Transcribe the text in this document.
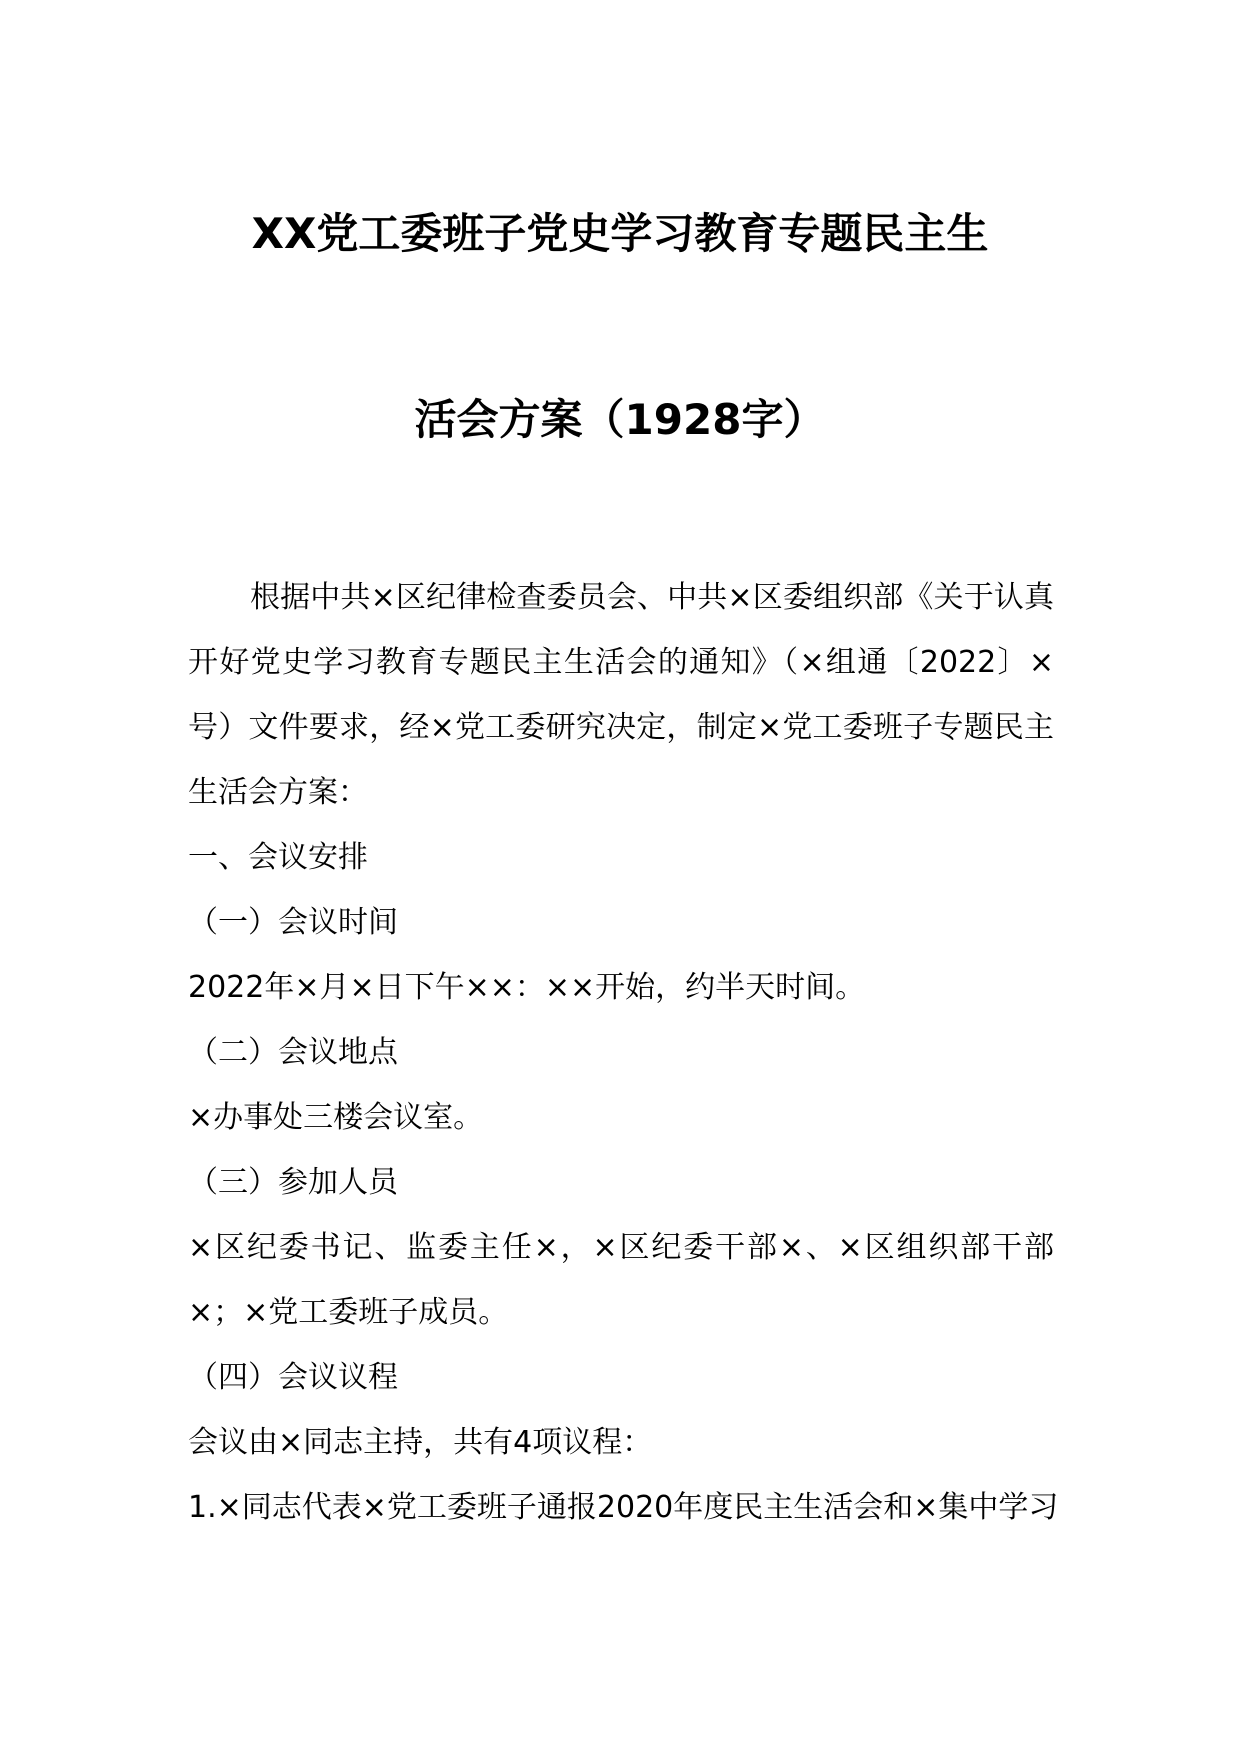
XX党工委班子党史学习教育专题民主生
活会方案（1928字）

根据中共×区纪律检查委员会、中共×区委组织部《关于认真开好党史学习教育专题民主生活会的通知》（×组通〔2022〕×号）文件要求，经×党工委研究决定，制定×党工委班子专题民主生活会方案：

一、会议安排

（一）会议时间

2022年×月×日下午××：××开始，约半天时间。

（二）会议地点

×办事处三楼会议室。

（三）参加人员

×区纪委书记、监委主任×，×区纪委干部×、×区组织部干部×；×党工委班子成员。

（四）会议议程

会议由×同志主持，共有4项议程：

1.×同志代表×党工委班子通报2020年度民主生活会和×集中学习
